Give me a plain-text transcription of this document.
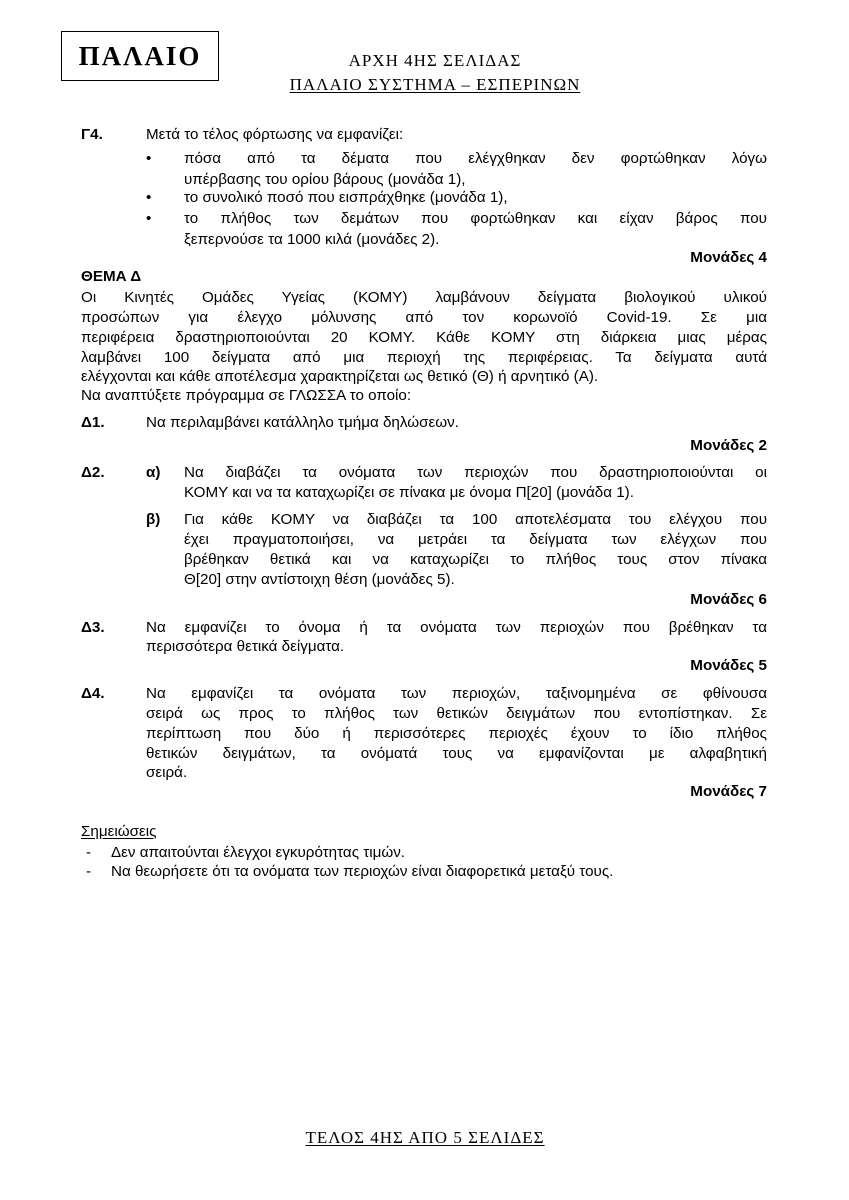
ΠΑΛΑΙΟ	ΑΡΧΗ 4ΗΣ ΣΕΛΙΔΑΣ
ΠΑΛΑΙΟ ΣΥΣΤΗΜΑ – ΕΣΠΕΡΙΝΩΝ
Γ4.	Μετά το τέλος φόρτωσης να εμφανίζει:
• πόσα από τα δέματα που ελέγχθηκαν δεν φορτώθηκαν λόγω
υπέρβασης του ορίου βάρους (μονάδα 1),
• το συνολικό ποσό που εισπράχθηκε (μονάδα 1),
• το πλήθος των δεμάτων που φορτώθηκαν και είχαν βάρος που
ξεπερνούσε τα 1000 κιλά (μονάδες 2).
Μονάδες 4
ΘΕΜΑ Δ
Οι Κινητές Ομάδες Υγείας (ΚΟΜΥ) λαμβάνουν δείγματα βιολογικού υλικού
προσώπων για έλεγχο μόλυνσης από τον κορωνοϊό Covid-19. Σε μια
περιφέρεια δραστηριοποιούνται 20 ΚΟΜΥ. Κάθε ΚΟΜΥ στη διάρκεια μιας μέρας
λαμβάνει 100 δείγματα από μια περιοχή της περιφέρειας. Τα δείγματα αυτά
ελέγχονται και κάθε αποτέλεσμα χαρακτηρίζεται ως θετικό (Θ) ή αρνητικό (Α).
Να αναπτύξετε πρόγραμμα σε ΓΛΩΣΣΑ το οποίο:
Δ1.	Να περιλαμβάνει κατάλληλο τμήμα δηλώσεων.
Μονάδες 2
Δ2.	α) Να διαβάζει τα ονόματα των περιοχών που δραστηριοποιούνται οι
ΚΟΜΥ και να τα καταχωρίζει σε πίνακα με όνομα Π[20] (μονάδα 1).
β) Για κάθε ΚΟΜΥ να διαβάζει τα 100 αποτελέσματα του ελέγχου που
έχει πραγματοποιήσει, να μετράει τα δείγματα των ελέγχων που
βρέθηκαν θετικά και να καταχωρίζει το πλήθος τους στον πίνακα
Θ[20] στην αντίστοιχη θέση (μονάδες 5).
Μονάδες 6
Δ3.	Να εμφανίζει το όνομα ή τα ονόματα των περιοχών που βρέθηκαν τα
περισσότερα θετικά δείγματα.
Μονάδες 5
Δ4.	Να εμφανίζει τα ονόματα των περιοχών, ταξινομημένα σε φθίνουσα
σειρά ως προς το πλήθος των θετικών δειγμάτων που εντοπίστηκαν. Σε
περίπτωση που δύο ή περισσότερες περιοχές έχουν το ίδιο πλήθος
θετικών δειγμάτων, τα ονόματά τους να εμφανίζονται με αλφαβητική
σειρά.
Μονάδες 7
Σημειώσεις
- Δεν απαιτούνται έλεγχοι εγκυρότητας τιμών.
- Να θεωρήσετε ότι τα ονόματα των περιοχών είναι διαφορετικά μεταξύ τους.
ΤΕΛΟΣ 4ΗΣ ΑΠΟ 5 ΣΕΛΙΔΕΣ
